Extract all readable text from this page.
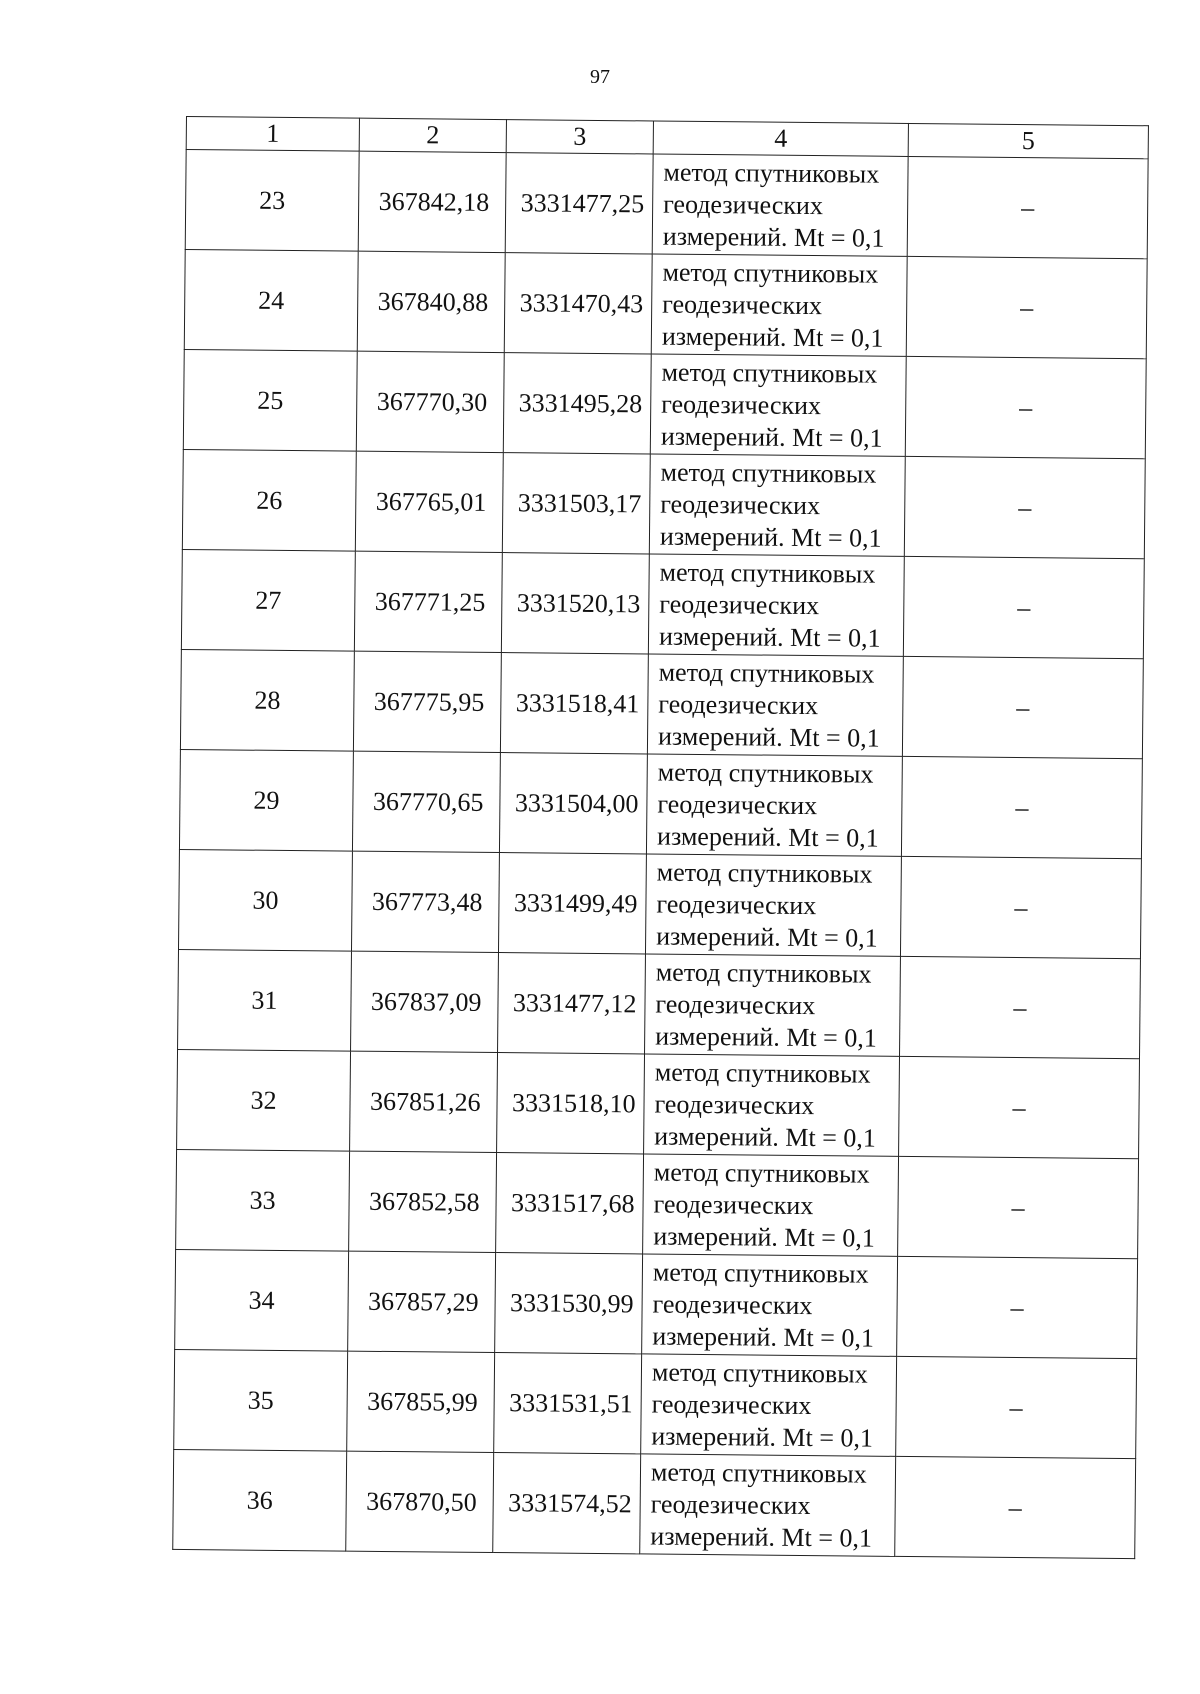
97
1	2	3	4	5
23	367842,18	3331477,25	метод спутниковых
геодезических
измерений. Mt = 0,1	–
24	367840,88	3331470,43	метод спутниковых
геодезических
измерений. Mt = 0,1	–
25	367770,30	3331495,28	метод спутниковых
геодезических
измерений. Mt = 0,1	–
26	367765,01	3331503,17	метод спутниковых
геодезических
измерений. Mt = 0,1	–
27	367771,25	3331520,13	метод спутниковых
геодезических
измерений. Mt = 0,1	–
28	367775,95	3331518,41	метод спутниковых
геодезических
измерений. Mt = 0,1	–
29	367770,65	3331504,00	метод спутниковых
геодезических
измерений. Mt = 0,1	–
30	367773,48	3331499,49	метод спутниковых
геодезических
измерений. Mt = 0,1	–
31	367837,09	3331477,12	метод спутниковых
геодезических
измерений. Mt = 0,1	–
32	367851,26	3331518,10	метод спутниковых
геодезических
измерений. Mt = 0,1	–
33	367852,58	3331517,68	метод спутниковых
геодезических
измерений. Mt = 0,1	–
34	367857,29	3331530,99	метод спутниковых
геодезических
измерений. Mt = 0,1	–
35	367855,99	3331531,51	метод спутниковых
геодезических
измерений. Mt = 0,1	–
36	367870,50	3331574,52	метод спутниковых
геодезических
измерений. Mt = 0,1	–
